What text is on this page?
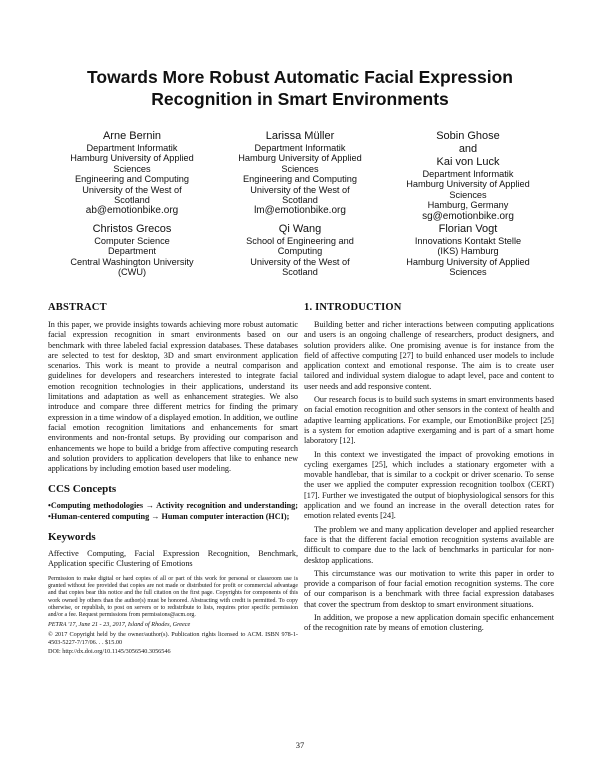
Towards More Robust Automatic Facial Expression
Recognition in Smart Environments
Arne Bernin
Department Informatik
Hamburg University of Applied
Sciences
Engineering and Computing
University of the West of
Scotland
ab@emotionbike.org
Larissa Müller
Department Informatik
Hamburg University of Applied
Sciences
Engineering and Computing
University of the West of
Scotland
lm@emotionbike.org
Sobin Ghose
and
Kai von Luck
Department Informatik
Hamburg University of Applied
Sciences
Hamburg, Germany
sg@emotionbike.org
Christos Grecos
Computer Science
Department
Central Washington University
(CWU)
Qi Wang
School of Engineering and
Computing
University of the West of
Scotland
Florian Vogt
Innovations Kontakt Stelle
(IKS) Hamburg
Hamburg University of Applied
Sciences
ABSTRACT

In this paper, we provide insights towards achieving more robust automatic facial expression recognition in smart environments based on our benchmark with three labeled facial expression databases. These databases are selected to test for desktop, 3D and smart environment application scenarios. This work is meant to provide a neutral comparison and guidelines for developers and researchers interested to integrate facial emotion recognition technologies in their applications, understand its limitations and adaptation as well as enhancement strategies. We also introduce and compare three different metrics for finding the primary expression in a time window of a displayed emotion. In addition, we outline facial emotion recognition limitations and enhancements for smart environments and non-frontal setups. By providing our comparison and enhancements we hope to build a bridge from affective computing research and solution providers to application developers that like to enhance new applications by including emotion based user modeling.

CCS Concepts

•Computing methodologies → Activity recognition and understanding; •Human-centered computing → Human computer interaction (HCI);

Keywords

Affective Computing, Facial Expression Recognition, Benchmark, Application specific Clustering of Emotions

Permission to make digital or hard copies of all or part of this work for personal or classroom use is granted without fee provided that copies are not made or distributed for profit or commercial advantage and that copies bear this notice and the full citation on the first page. Copyrights for components of this work owned by others than the author(s) must be honored. Abstracting with credit is permitted. To copy otherwise, or republish, to post on servers or to redistribute to lists, requires prior specific permission and/or a fee. Request permissions from permissions@acm.org.

PETRA '17, June 21 - 23, 2017, Island of Rhodes, Greece

© 2017 Copyright held by the owner/author(s). Publication rights licensed to ACM. ISBN 978-1-4503-5227-7/17/06. . . $15.00

DOI: http://dx.doi.org/10.1145/3056540.3056546

1. INTRODUCTION

Building better and richer interactions between computing applications and users is an ongoing challenge of researchers, product designers, and solution providers alike. One promising avenue is for instance from the field of affective computing [27] to build enhanced user models to include application context and emotional response. The aim is to create user tailored and individual system dialogue to adapt level, pace and content to user needs and add responsive content.

Our research focus is to build such systems in smart environments based on facial emotion recognition and other sensors in the context of health and adaptive learning applications. For example, our EmotionBike project [25] is a system for emotion adaptive exergaming and is part of a smart home laboratory [12].

In this context we investigated the impact of provoking emotions in cycling exergames [25], which includes a stationary ergometer with a movable handlebar, that is similar to a cockpit or driver scenario. To sense the user we applied the computer expression recognition toolbox (CERT) [17]. Further we investigated the output of biophysiological sensors for this application and we found an increase in the overall detection rates for emotion related events [24].

The problem we and many application developer and applied researcher face is that the different facial emotion recognition systems available are difficult to compare due to the lack of benchmarks in particular for non-desktop applications.

This circumstance was our motivation to write this paper in order to provide a comparison of four facial emotion recognition systems. The core of our comparison is a benchmark with three facial expression databases that cover the spectrum from desktop to smart environment situations.

In addition, we propose a new application domain specific enhancement of the recognition rate by means of emotion clustering.

37
